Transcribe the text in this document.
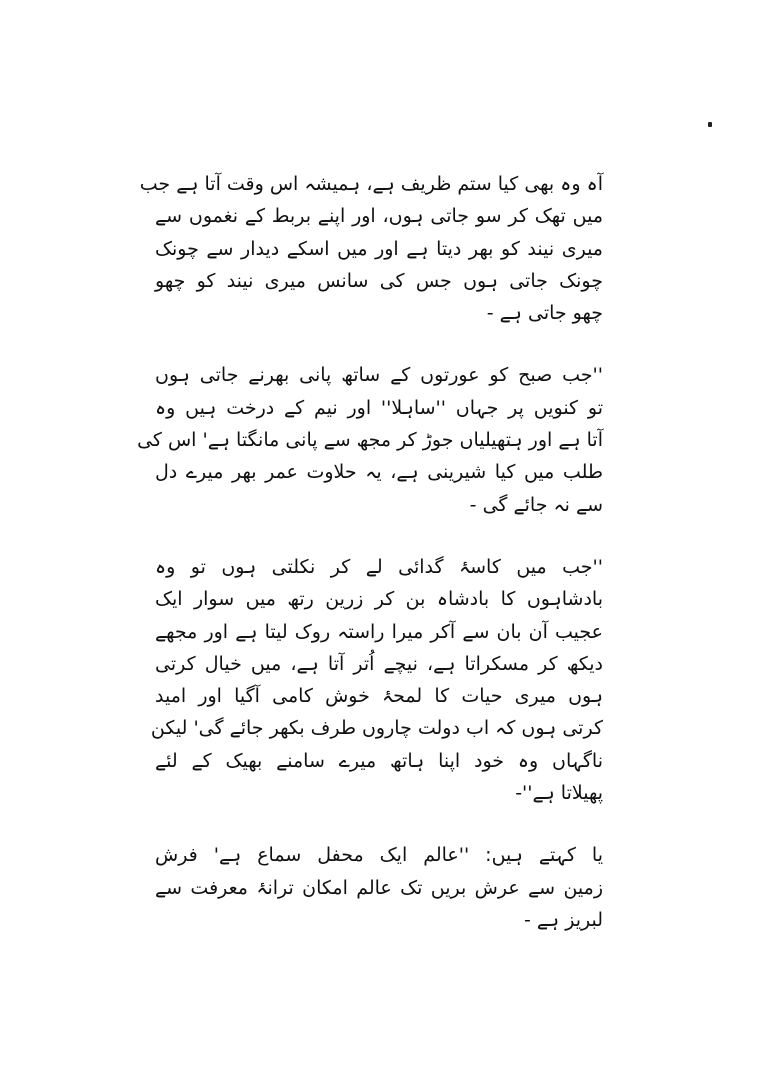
آہ وہ بھی کیا ستم ظریف ہے، ہمیشہ اس وقت آتا ہے جب
میں تھک کر سو جاتی ہوں، اور اپنے بربط کے نغموں سے
میری نیند کو بھر دیتا ہے اور میں اسکے دیدار سے چونک
چونک جاتی ہوں جس کی سانس میری نیند کو چھو
چھو جاتی ہے -
''جب صبح کو عورتوں کے ساتھ پانی بھرنے جاتی ہوں
تو کنویں پر جہاں ''ساہلا'' اور نیم کے درخت ہیں وہ
آتا ہے اور ہتھیلیاں جوڑ کر مجھ سے پانی مانگتا ہے' اس کی
طلب میں کیا شیرینی ہے، یہ حلاوت عمر بھر میرے دل
سے نہ جائے گی -
''جب میں کاسۂ گدائی لے کر نکلتی ہوں تو وہ
بادشاہوں کا بادشاہ بن کر زرین رتھ میں سوار ایک
عجیب آن بان سے آکر میرا راستہ روک لیتا ہے اور مجھے
دیکھ کر مسکراتا ہے، نیچے اُتر آتا ہے، میں خیال کرتی
ہوں میری حیات کا لمحۂ خوش کامی آگیا اور امید
کرتی ہوں کہ اب دولت چاروں طرف بکھر جائے گی' لیکن
ناگہاں وہ خود اپنا ہاتھ میرے سامنے بھیک کے لئے
پھیلاتا ہے''-
یا کہتے ہیں: ''عالم ایک محفل سماع ہے' فرش
زمین سے عرش بریں تک عالم امکان ترانۂ معرفت سے
لبریز ہے -
